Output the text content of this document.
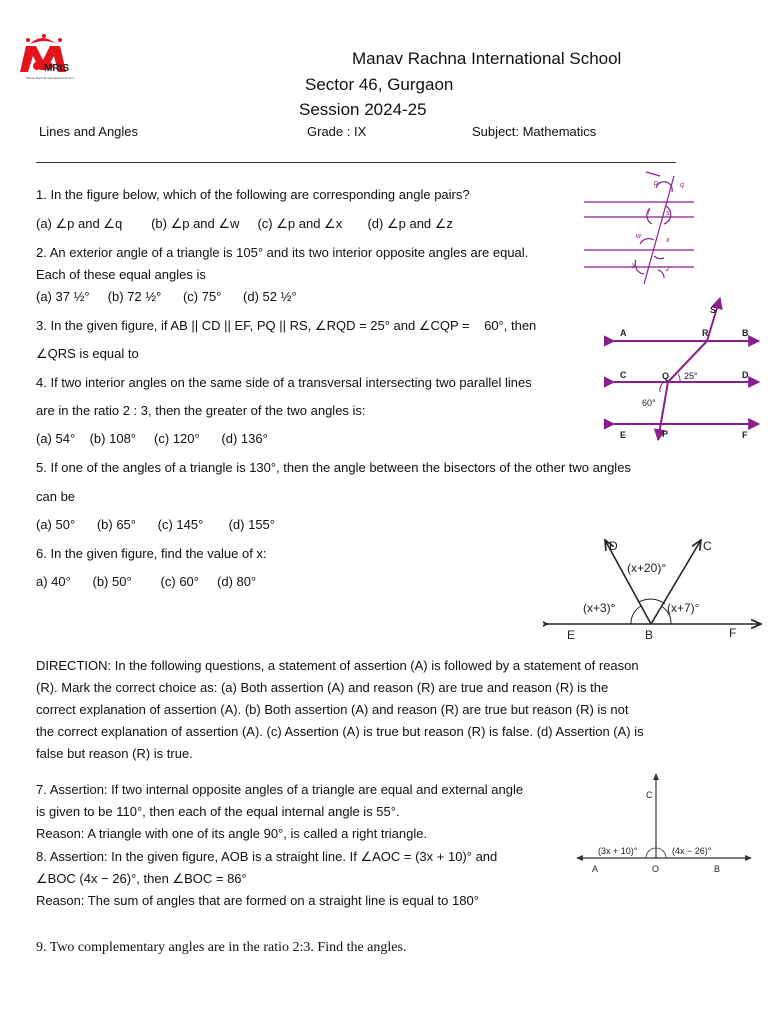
MRIS
Manav Rachna International School
Manav Rachna International School
Sector 46, Gurgaon
Session 2024-25
Lines and Angles	Grade : IX	Subject: Mathematics
1. In the figure below, which of the following are corresponding angle pairs?
(a) ∠p and ∠q        (b) ∠p and ∠w     (c) ∠p and ∠x       (d) ∠p and ∠z
p	q
r s
w
x
y
z
2. An exterior angle of a triangle is 105° and its two interior opposite angles are equal.
Each of these equal angles is
(a) 37 ½°     (b) 72 ½°      (c) 75°      (d) 52 ½°
3. In the given figure, if AB || CD || EF, PQ || RS, ∠RQD = 25° and ∠CQP =    60°, then
∠QRS is equal to
S
A	R	B
C	Q 25°	D
60°
E	P	F
4. If two interior angles on the same side of a transversal intersecting two parallel lines
are in the ratio 2 : 3, then the greater of the two angles is:
(a) 54°    (b) 108°     (c) 120°      (d) 136°
5. If one of the angles of a triangle is 130°, then the angle between the bisectors of the other two angles
can be
(a) 50°      (b) 65°      (c) 145°       (d) 155°
6. In the given figure, find the value of x:
a) 40°      (b) 50°        (c) 60°     (d) 80°
D	C
(x+20)°
(x+3)°	(x+7)°
E	B	F
DIRECTION: In the following questions, a statement of assertion (A) is followed by a statement of reason
(R). Mark the correct choice as: (a) Both assertion (A) and reason (R) are true and reason (R) is the
correct explanation of assertion (A). (b) Both assertion (A) and reason (R) are true but reason (R) is not
the correct explanation of assertion (A). (c) Assertion (A) is true but reason (R) is false. (d) Assertion (A) is
false but reason (R) is true.
7. Assertion: If two internal opposite angles of a triangle are equal and external angle
is given to be 110°, then each of the equal internal angle is 55°.
Reason: A triangle with one of its angle 90°, is called a right triangle.
8. Assertion: In the given figure, AOB is a straight line. If ∠AOC = (3x + 10)° and
∠BOC (4x − 26)°, then ∠BOC = 86°
Reason: The sum of angles that are formed on a straight line is equal to 180°
C
(3x + 10)°	(4x − 26)°
A	O	B
9. Two complementary angles are in the ratio 2:3. Find the angles.
